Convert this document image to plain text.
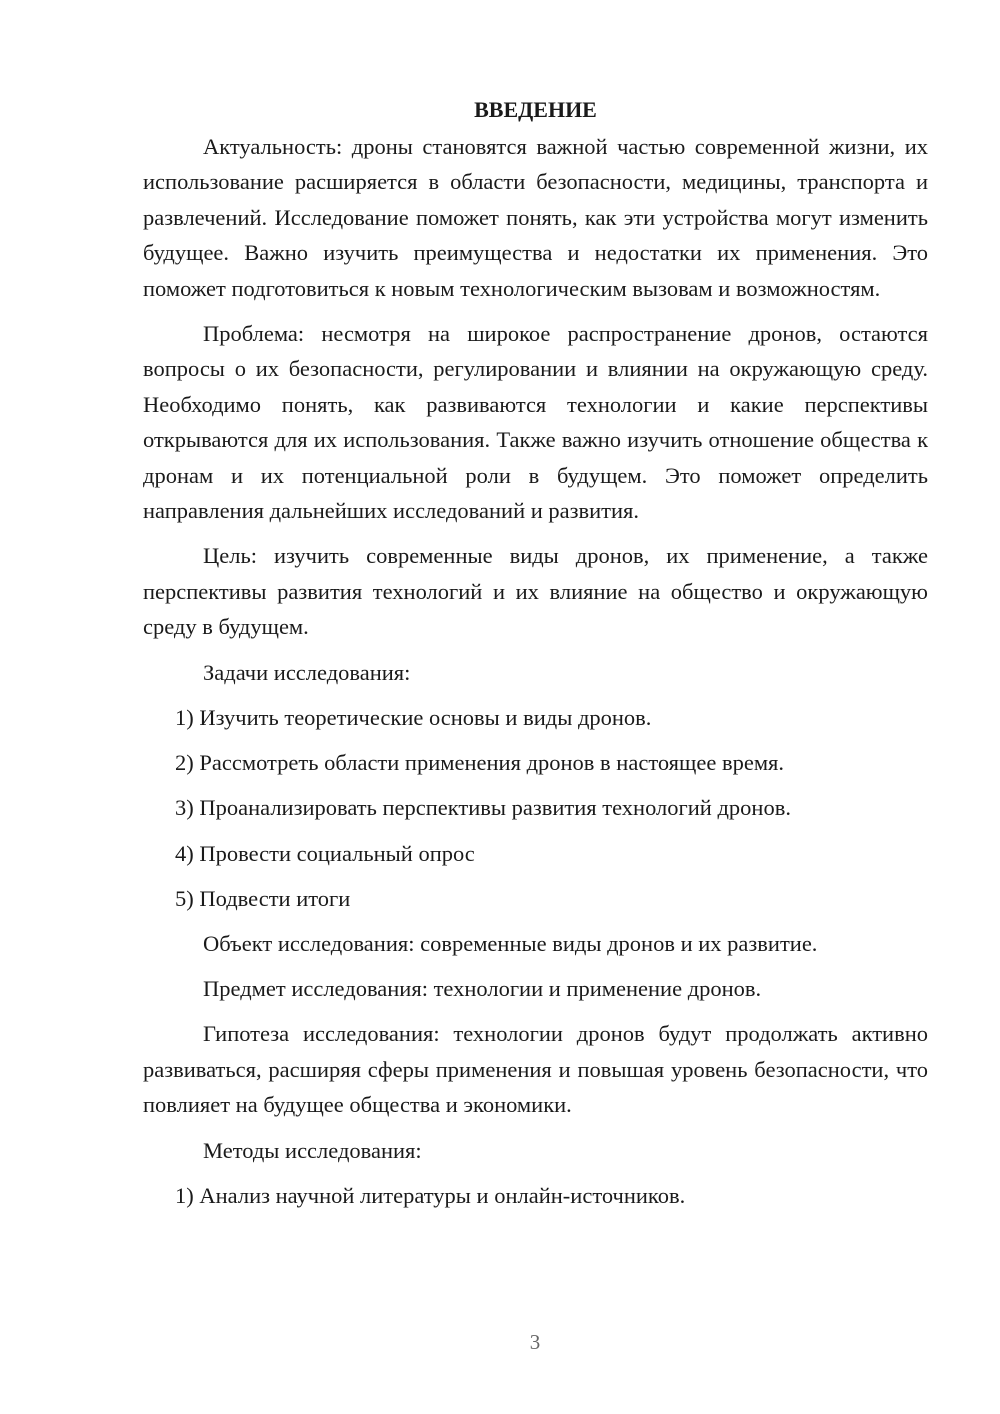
ВВЕДЕНИЕ

Актуальность: дроны становятся важной частью современной жизни, их использование расширяется в области безопасности, медицины, транспорта и развлечений. Исследование поможет понять, как эти устройства могут изменить будущее. Важно изучить преимущества и недостатки их применения. Это поможет подготовиться к новым технологическим вызовам и возможностям.

Проблема: несмотря на широкое распространение дронов, остаются вопросы о их безопасности, регулировании и влиянии на окружающую среду. Необходимо понять, как развиваются технологии и какие перспективы открываются для их использования. Также важно изучить отношение общества к дронам и их потенциальной роли в будущем. Это поможет определить направления дальнейших исследований и развития.

Цель: изучить современные виды дронов, их применение, а также перспективы развития технологий и их влияние на общество и окружающую среду в будущем.

Задачи исследования:
1) Изучить теоретические основы и виды дронов.
2) Рассмотреть области применения дронов в настоящее время.
3) Проанализировать перспективы развития технологий дронов.
4) Провести социальный опрос
5) Подвести итоги
Объект исследования: современные виды дронов и их развитие.
Предмет исследования: технологии и применение дронов.

Гипотеза исследования: технологии дронов будут продолжать активно развиваться, расширяя сферы применения и повышая уровень безопасности, что повлияет на будущее общества и экономики.

Методы исследования:
1) Анализ научной литературы и онлайн-источников.
3
